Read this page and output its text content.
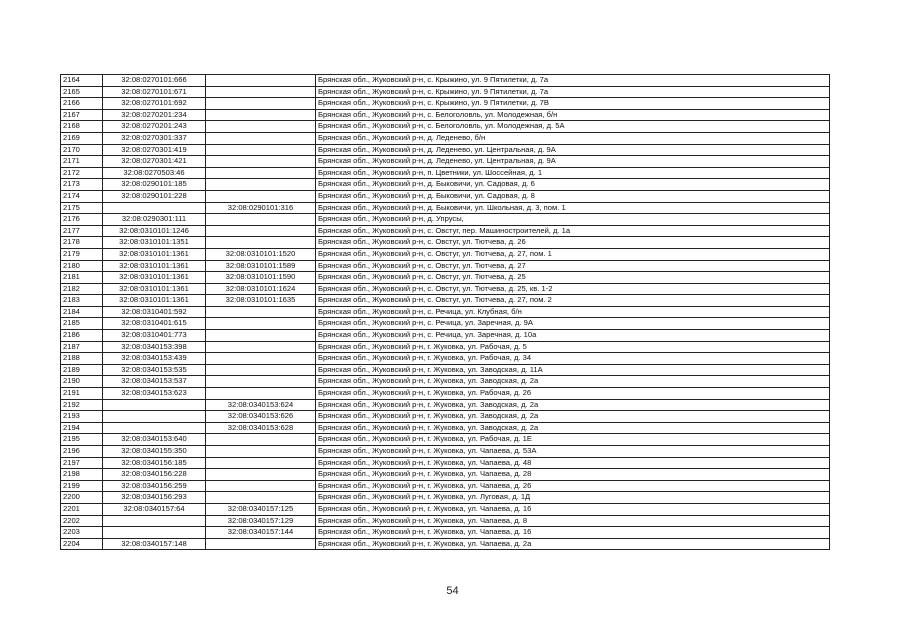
2164	32:08:0270101:666		Брянская обл., Жуковский р-н, с. Крыжино, ул. 9 Пятилетки, д. 7а
2165	32:08:0270101:671		Брянская обл., Жуковский р-н, с. Крыжино, ул. 9 Пятилетки, д. 7а
2166	32:08:0270101:692		Брянская обл., Жуковский р-н, с. Крыжино, ул. 9 Пятилетки, д. 7В
2167	32:08:0270201:234		Брянская обл., Жуковский р-н, с. Белоголовль, ул. Молодежная, б/н
2168	32:08:0270201:243		Брянская обл., Жуковский р-н, с. Белоголовль, ул. Молодежная, д. 5А
2169	32:08:0270301:337		Брянская обл., Жуковский р-н, д. Леденево, б/н
2170	32:08:0270301:419		Брянская обл., Жуковский р-н, д. Леденево, ул. Центральная, д. 9А
2171	32:08:0270301:421		Брянская обл., Жуковский р-н, д. Леденево, ул. Центральная, д. 9А
2172	32:08:0270503:46		Брянская обл., Жуковский р-н, п. Цветники, ул. Шоссейная, д. 1
2173	32:08:0290101:185		Брянская обл., Жуковский р-н, д. Быковичи, ул. Садовая, д. 6
2174	32:08:0290101:228		Брянская обл., Жуковский р-н, д. Быковичи, ул. Садовая, д. 8
2175		32:08:0290101:316	Брянская обл., Жуковский р-н, д. Быковичи, ул. Школьная, д. 3, пом. 1
2176	32:08:0290301:111		Брянская обл., Жуковский р-н, д. Упрусы,
2177	32:08:0310101:1246		Брянская обл., Жуковский р-н, с. Овстуг, пер. Машиностроителей, д. 1а
2178	32:08:0310101:1351		Брянская обл., Жуковский р-н, с. Овстуг, ул. Тютчева, д. 26
2179	32:08:0310101:1361	32:08:0310101:1520	Брянская обл., Жуковский р-н, с. Овстуг, ул. Тютчева, д. 27, пом. 1
2180	32:08:0310101:1361	32:08:0310101:1589	Брянская обл., Жуковский р-н, с. Овстуг, ул. Тютчева, д. 27
2181	32:08:0310101:1361	32:08:0310101:1590	Брянская обл., Жуковский р-н, с. Овстуг, ул. Тютчева, д. 25
2182	32:08:0310101:1361	32:08:0310101:1624	Брянская обл., Жуковский р-н, с. Овстуг, ул. Тютчева, д. 25, кв. 1-2
2183	32:08:0310101:1361	32:08:0310101:1635	Брянская обл., Жуковский р-н, с. Овстуг, ул. Тютчева, д. 27, пом. 2
2184	32:08:0310401:592		Брянская обл., Жуковский р-н, с. Речица, ул. Клубная, б/н
2185	32:08:0310401:615		Брянская обл., Жуковский р-н, с. Речица, ул. Заречная, д. 9А
2186	32:08:0310401:773		Брянская обл., Жуковский р-н, с. Речица, ул. Заречная, д. 10а
2187	32:08:0340153:398		Брянская обл., Жуковский р-н, г. Жуковка, ул. Рабочая, д. 5
2188	32:08:0340153:439		Брянская обл., Жуковский р-н, г. Жуковка, ул. Рабочая, д. 34
2189	32:08:0340153:535		Брянская обл., Жуковский р-н, г. Жуковка, ул. Заводская, д. 11А
2190	32:08:0340153:537		Брянская обл., Жуковский р-н, г. Жуковка, ул. Заводская, д. 2а
2191	32:08:0340153:623		Брянская обл., Жуковский р-н, г. Жуковка, ул. Рабочая, д. 26
2192		32:08:0340153:624	Брянская обл., Жуковский р-н, г. Жуковка, ул. Заводская, д. 2а
2193		32:08:0340153:626	Брянская обл., Жуковский р-н, г. Жуковка, ул. Заводская, д. 2а
2194		32:08:0340153:628	Брянская обл., Жуковский р-н, г. Жуковка, ул. Заводская, д. 2а
2195	32:08:0340153:640		Брянская обл., Жуковский р-н, г. Жуковка, ул. Рабочая, д. 1Е
2196	32:08:0340155:350		Брянская обл., Жуковский р-н, г. Жуковка, ул. Чапаева, д. 53А
2197	32:08:0340156:185		Брянская обл., Жуковский р-н, г. Жуковка, ул. Чапаева, д. 48
2198	32:08:0340156:228		Брянская обл., Жуковский р-н, г. Жуковка, ул. Чапаева, д. 28
2199	32:08:0340156:259		Брянская обл., Жуковский р-н, г. Жуковка, ул. Чапаева, д. 26
2200	32:08:0340156:293		Брянская обл., Жуковский р-н, г. Жуковка, ул. Луговая, д. 1Д
2201	32:08:0340157:64	32:08:0340157:125	Брянская обл., Жуковский р-н, г. Жуковка, ул. Чапаева, д. 16
2202		32:08:0340157:129	Брянская обл., Жуковский р-н, г. Жуковка, ул. Чапаева, д. 8
2203		32:08:0340157:144	Брянская обл., Жуковский р-н, г. Жуковка, ул. Чапаева, д. 16
2204	32:08:0340157:148		Брянская обл., Жуковский р-н, г. Жуковка, ул. Чапаева, д. 2а
54
